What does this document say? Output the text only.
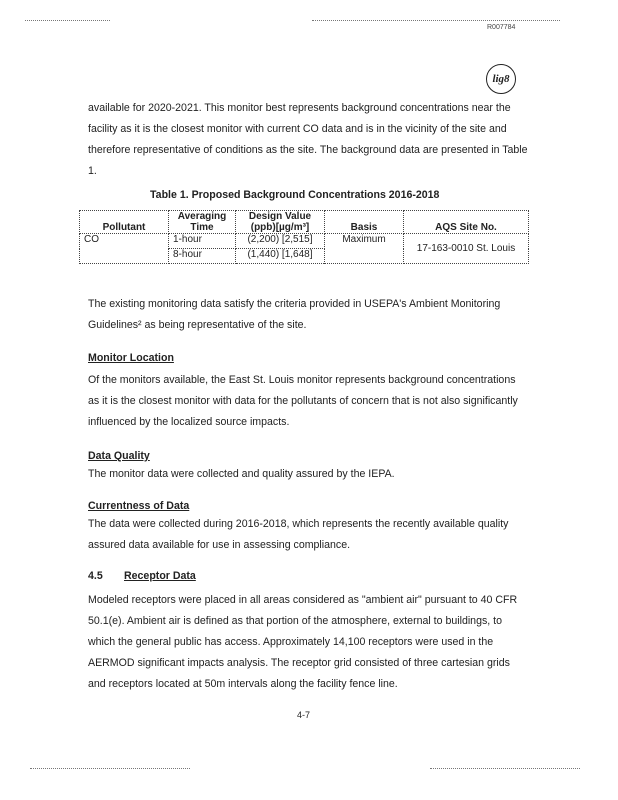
R007784
lig8

available for 2020-2021. This monitor best represents background concentrations near the facility as it is the closest monitor with current CO data and is in the vicinity of the site and therefore representative of conditions as the site. The background data are presented in Table 1.

Table 1. Proposed Background Concentrations 2016-2018
Pollutant	Averaging Time	Design Value (ppb)[µg/m³]	Basis	AQS Site No.
CO	1-hour	(2,200) [2,515]	Maximum	17-163-0010 St. Louis
	8-hour	(1,440) [1,648]		

The existing monitoring data satisfy the criteria provided in USEPA's Ambient Monitoring Guidelines² as being representative of the site.

Monitor Location

Of the monitors available, the East St. Louis monitor represents background concentrations as it is the closest monitor with data for the pollutants of concern that is not also significantly influenced by the localized source impacts.

Data Quality

The monitor data were collected and quality assured by the IEPA.

Currentness of Data

The data were collected during 2016-2018, which represents the recently available quality assured data available for use in assessing compliance.

4.5 Receptor Data

Modeled receptors were placed in all areas considered as "ambient air" pursuant to 40 CFR 50.1(e). Ambient air is defined as that portion of the atmosphere, external to buildings, to which the general public has access. Approximately 14,100 receptors were used in the AERMOD significant impacts analysis. The receptor grid consisted of three cartesian grids and receptors located at 50m intervals along the facility fence line.

4-7
